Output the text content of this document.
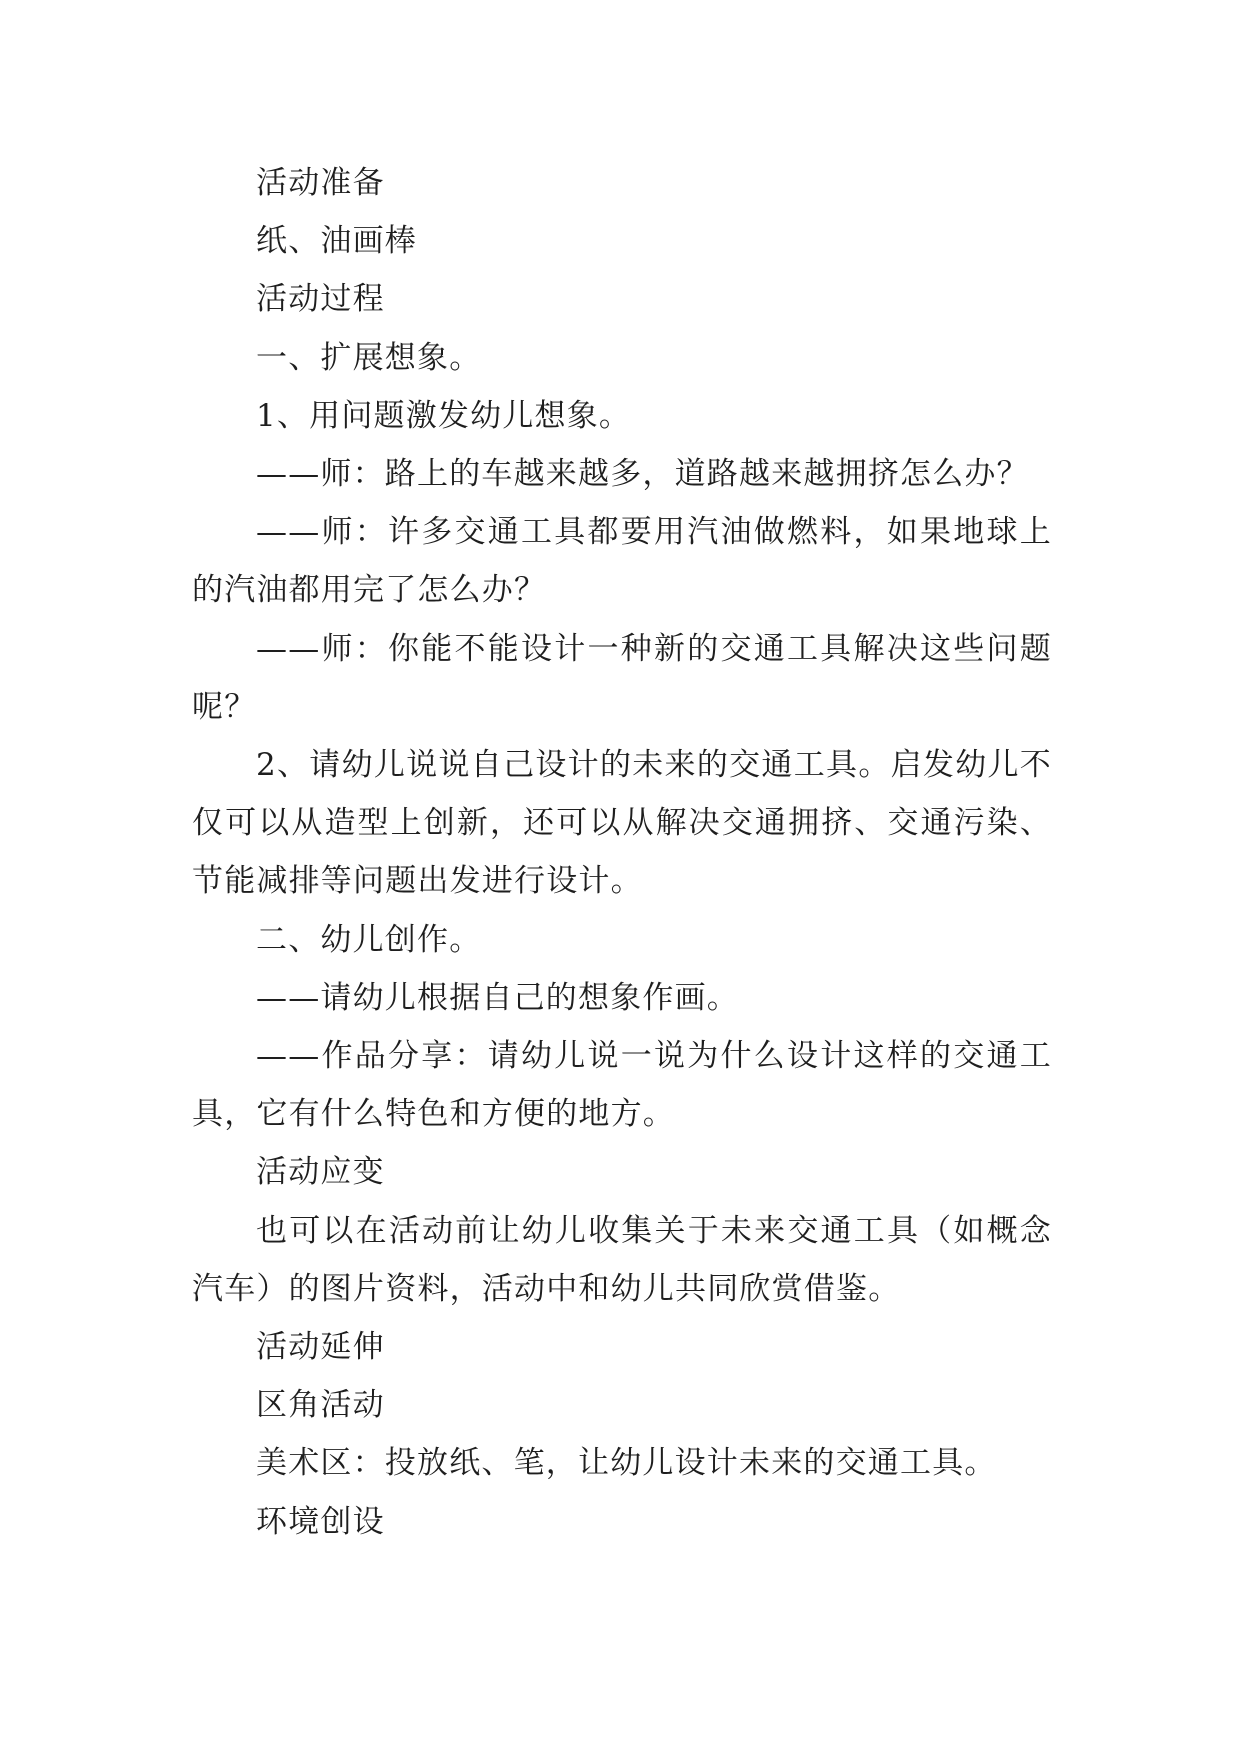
活动准备

纸、油画棒

活动过程

一、扩展想象。

1、用问题激发幼儿想象。

——师：路上的车越来越多，道路越来越拥挤怎么办？

——师：许多交通工具都要用汽油做燃料，如果地球上的汽油都用完了怎么办？

——师：你能不能设计一种新的交通工具解决这些问题呢？

2、请幼儿说说自己设计的未来的交通工具。启发幼儿不仅可以从造型上创新，还可以从解决交通拥挤、交通污染、节能减排等问题出发进行设计。

二、幼儿创作。

——请幼儿根据自己的想象作画。

——作品分享：请幼儿说一说为什么设计这样的交通工具，它有什么特色和方便的地方。

活动应变

也可以在活动前让幼儿收集关于未来交通工具（如概念汽车）的图片资料，活动中和幼儿共同欣赏借鉴。

活动延伸

区角活动

美术区：投放纸、笔，让幼儿设计未来的交通工具。

环境创设
